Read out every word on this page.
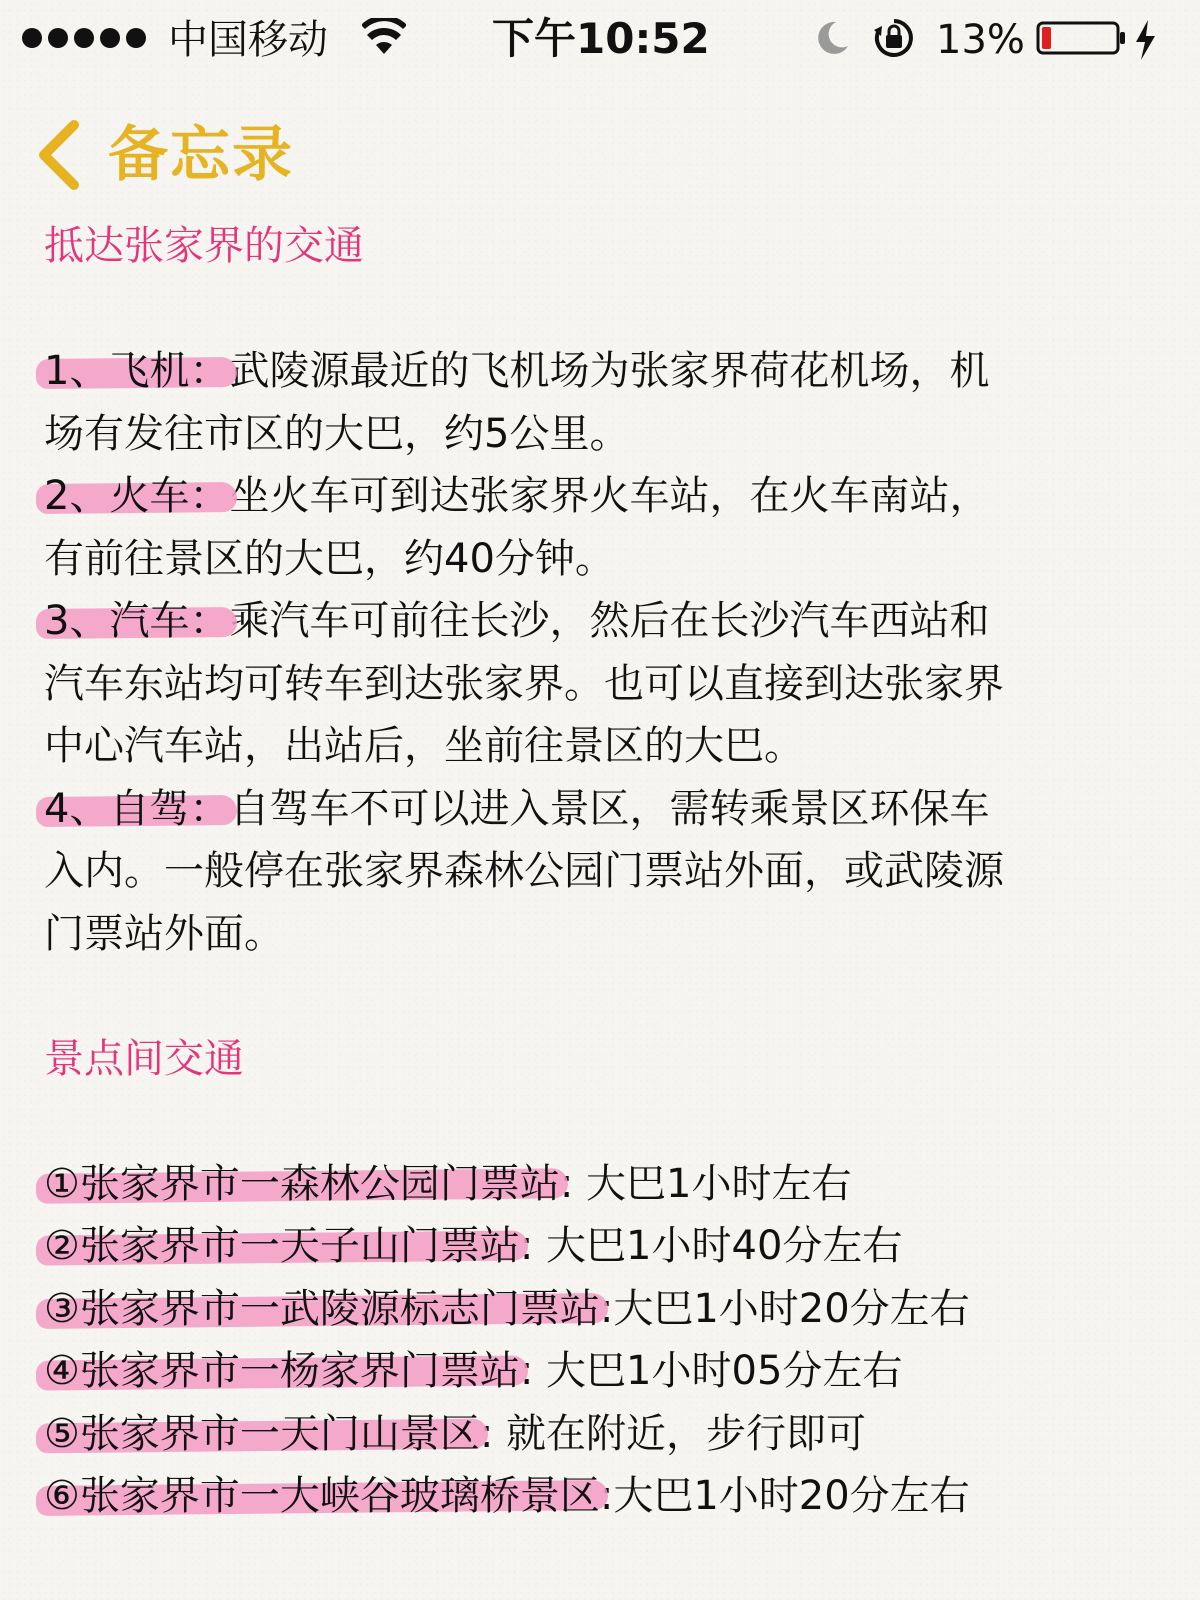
中国移动	下午10:52	13%
备忘录
抵达张家界的交通
1、飞机：武陵源最近的飞机场为张家界荷花机场，机
场有发往市区的大巴，约5公里。
2、火车：坐火车可到达张家界火车站，在火车南站，
有前往景区的大巴，约40分钟。
3、汽车：乘汽车可前往长沙，然后在长沙汽车西站和
汽车东站均可转车到达张家界。也可以直接到达张家界
中心汽车站，出站后，坐前往景区的大巴。
4、自驾：自驾车不可以进入景区，需转乘景区环保车
入内。一般停在张家界森林公园门票站外面，或武陵源
门票站外面。
景点间交通
①张家界市一森林公园门票站: 大巴1小时左右
②张家界市一天子山门票站: 大巴1小时40分左右
③张家界市一武陵源标志门票站:大巴1小时20分左右
④张家界市一杨家界门票站: 大巴1小时05分左右
⑤张家界市一天门山景区: 就在附近，步行即可
⑥张家界市一大峡谷玻璃桥景区:大巴1小时20分左右
